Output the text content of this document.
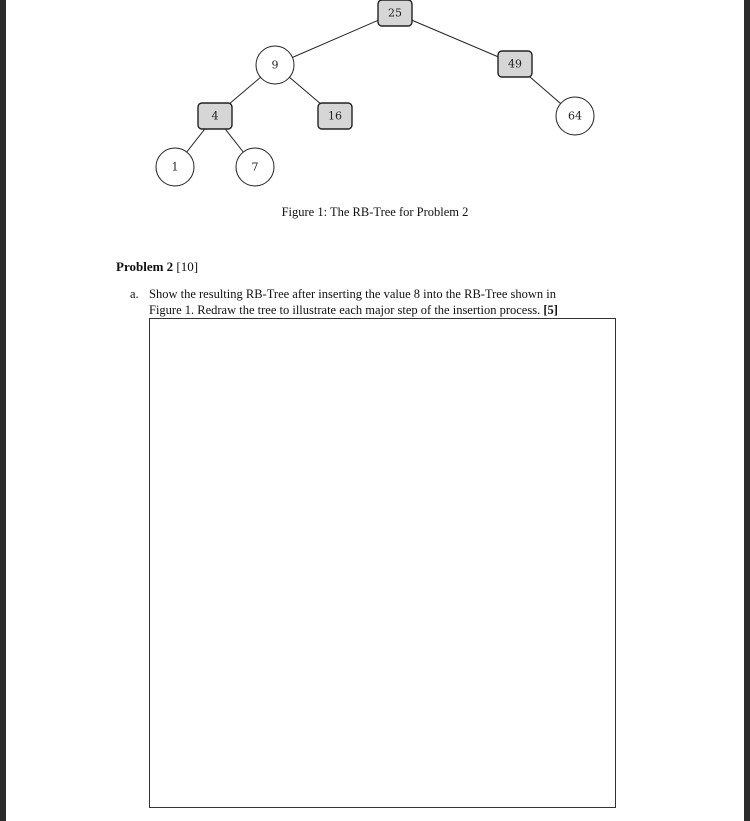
25
9	49
4	16	64
1	7
Figure 1: The RB-Tree for Problem 2
Problem 2 [10]
a. Show the resulting RB-Tree after inserting the value 8 into the RB-Tree shown in
Figure 1. Redraw the tree to illustrate each major step of the insertion process. [5]
